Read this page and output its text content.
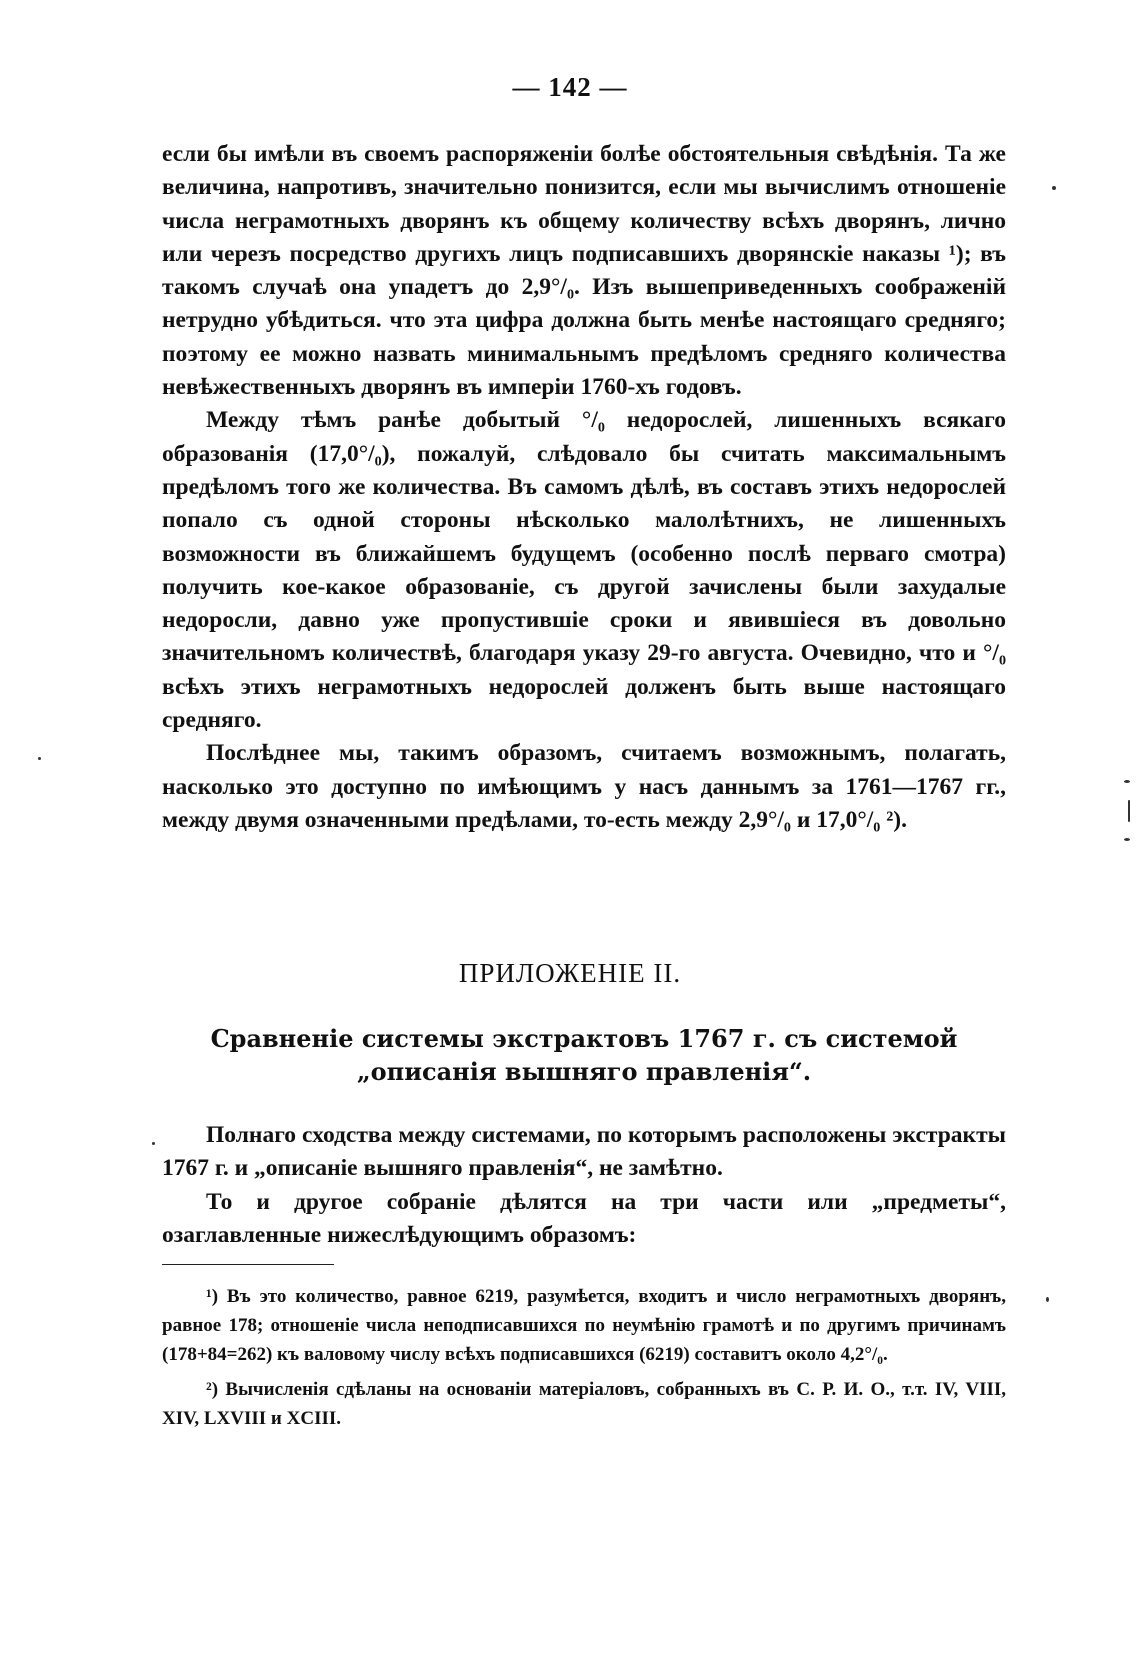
— 142 —

если бы имѣли въ своемъ распоряженіи болѣе обстоятельныя свѣдѣнія. Та же величина, напротивъ, значительно понизится, если мы вычислимъ отношеніе числа неграмотныхъ дворянъ къ общему количеству всѣхъ дворянъ, лично или черезъ посредство другихъ лицъ подписавшихъ дворянскіе наказы ¹); въ такомъ случаѣ она упадетъ до 2,9°/₀. Изъ вышеприведенныхъ соображеній нетрудно убѣдиться. что эта цифра должна быть менѣе настоящаго средняго; поэтому ее можно назвать минимальнымъ предѣломъ средняго количества невѣжественныхъ дворянъ въ имперіи 1760-хъ годовъ.

Между тѣмъ ранѣе добытый °/₀ недорослей, лишенныхъ всякаго образованія (17,0°/₀), пожалуй, слѣдовало бы считать максимальнымъ предѣломъ того же количества. Въ самомъ дѣлѣ, въ составъ этихъ недорослей попало съ одной стороны нѣсколько малолѣтнихъ, не лишенныхъ возможности въ ближайшемъ будущемъ (особенно послѣ перваго смотра) получить кое-какое образованіе, съ другой зачислены были захудалые недоросли, давно уже пропустившіе сроки и явившіеся въ довольно значительномъ количествѣ, благодаря указу 29-го августа. Очевидно, что и °/₀ всѣхъ этихъ неграмотныхъ недорослей долженъ быть выше настоящаго средняго.

Послѣднее мы, такимъ образомъ, считаемъ возможнымъ, полагать, насколько это доступно по имѣющимъ у насъ даннымъ за 1761—1767 гг., между двумя означенными предѣлами, то-есть между 2,9°/₀ и 17,0°/₀ ²).

ПРИЛОЖЕНІЕ II.
Сравненіе системы экстрактовъ 1767 г. съ системой „описанія вышняго правленія“.

Полнаго сходства между системами, по которымъ расположены экстракты 1767 г. и „описаніе вышняго правленія“, не замѣтно.

То и другое собраніе дѣлятся на три части или „предметы“, озаглавленные нижеслѣдующимъ образомъ:

¹) Въ это количество, равное 6219, разумѣется, входитъ и число неграмотныхъ дворянъ, равное 178; отношеніе числа неподписавшихся по неумѣнію грамотѣ и по другимъ причинамъ (178+84=262) къ валовому числу всѣхъ подписавшихся (6219) составитъ около 4,2°/₀.

²) Вычисленія сдѣланы на основаніи матеріаловъ, собранныхъ въ С. Р. И. О., т.т. IV, VIII, XIV, LXVIII и XCIII.
